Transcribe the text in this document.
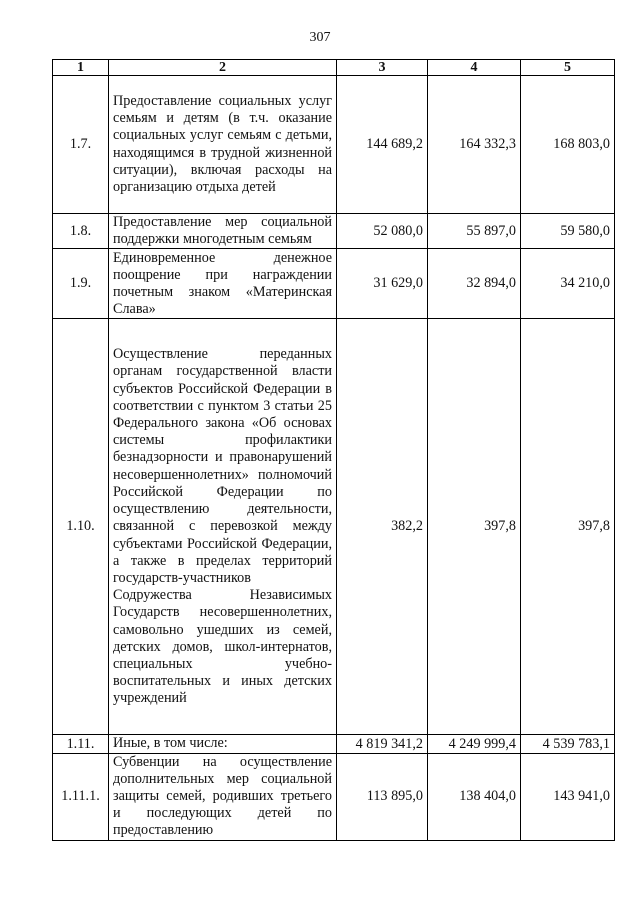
307
1	2	3	4	5
1.7.	Предоставление социальных услуг семьям и детям (в т.ч. оказание социальных услуг семьям с детьми, находящимся в трудной жизненной ситуации), включая расходы на организацию отдыха детей	144 689,2	164 332,3	168 803,0
1.8.	Предоставление мер социальной поддержки многодетным семьям	52 080,0	55 897,0	59 580,0
1.9.	Единовременное денежное поощрение при награждении почетным знаком «Материнская Слава»	31 629,0	32 894,0	34 210,0
1.10.	Осуществление переданных органам государственной власти субъектов Российской Федерации в соответствии с пунктом 3 статьи 25 Федерального закона «Об основах системы профилактики безнадзорности и правонарушений несовершеннолетних» полномочий Российской Федерации по осуществлению деятельности, связанной с перевозкой между субъектами Российской Федерации, а также в пределах территорий государств-участников Содружества Независимых Государств несовершеннолетних, самовольно ушедших из семей, детских домов, школ-интернатов, специальных учебно-воспитательных и иных детских учреждений	382,2	397,8	397,8
1.11.	Иные, в том числе:	4 819 341,2	4 249 999,4	4 539 783,1
1.11.1.	Субвенции на осуществление дополнительных мер социальной защиты семей, родивших третьего и последующих детей по предоставлению	113 895,0	138 404,0	143 941,0
